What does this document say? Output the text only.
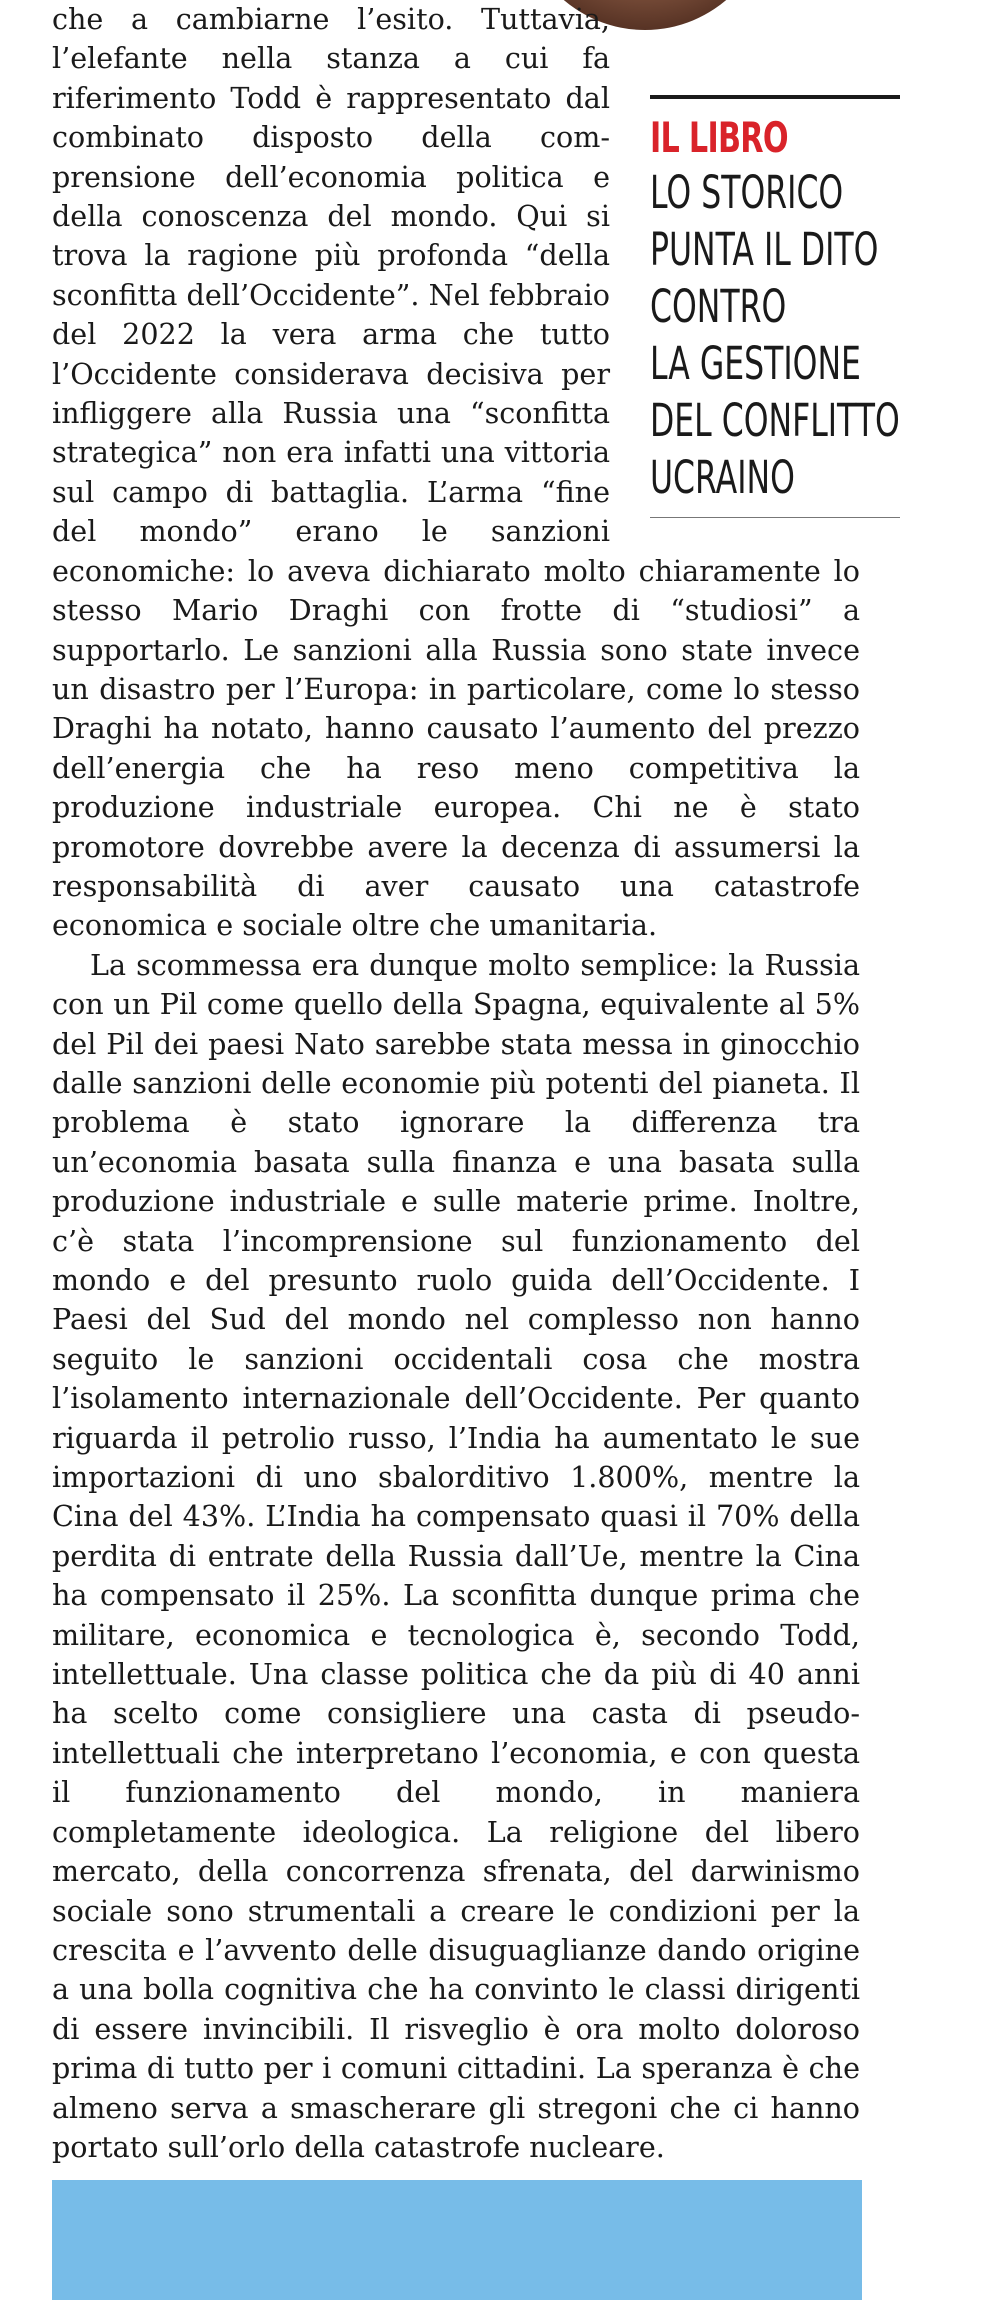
IL LIBRO
LO STORICO
PUNTA IL DITO
CONTRO
LA GESTIONE
DEL CONFLITTO
UCRAINO

che a cambiarne l’esito. Tuttavia, l’elefante nella stanza a cui fa riferimento Todd è rappresentato dal combinato disposto della comprensione dell’economia politica e della conoscenza del mondo. Qui si trova la ragione più profonda “della sconfitta dell’Occidente”. Nel febbraio del 2022 la vera arma che tutto l’Occidente considerava decisiva per infliggere alla Russia una “sconfitta strategica” non era infatti una vittoria sul campo di battaglia. L’arma “fine del mondo” erano le sanzioni economiche: lo aveva dichiarato molto chiaramente lo stesso Mario Draghi con frotte di “studiosi” a supportarlo. Le sanzioni alla Russia sono state invece un disastro per l’Europa: in particolare, come lo stesso Draghi ha notato, hanno causato l’aumento del prezzo dell’energia che ha reso meno competitiva la produzione industriale europea. Chi ne è stato promotore dovrebbe avere la decenza di assumersi la responsabilità di aver causato una catastrofe economica e sociale oltre che umanitaria.

La scommessa era dunque molto semplice: la Russia con un Pil come quello della Spagna, equivalente al 5% del Pil dei paesi Nato sarebbe stata messa in ginocchio dalle sanzioni delle economie più potenti del pianeta. Il problema è stato ignorare la differenza tra un’economia basata sulla finanza e una basata sulla produzione industriale e sulle materie prime. Inoltre, c’è stata l’incomprensione sul funzionamento del mondo e del presunto ruolo guida dell’Occidente. I Paesi del Sud del mondo nel complesso non hanno seguito le sanzioni occidentali cosa che mostra l’isolamento internazionale dell’Occidente. Per quanto riguarda il petrolio russo, l’India ha aumentato le sue importazioni di uno sbalorditivo 1.800%, mentre la Cina del 43%. L’India ha compensato quasi il 70% della perdita di entrate della Russia dall’Ue, mentre la Cina ha compensato il 25%. La sconfitta dunque prima che militare, economica e tecnologica è, secondo Todd, intellettuale. Una classe politica che da più di 40 anni ha scelto come consigliere una casta di pseudo-intellettuali che interpretano l’economia, e con questa il funzionamento del mondo, in maniera completamente ideologica. La religione del libero mercato, della concorrenza sfrenata, del darwinismo sociale sono strumentali a creare le condizioni per la crescita e l’avvento delle disuguaglianze dando origine a una bolla cognitiva che ha convinto le classi dirigenti di essere invincibili. Il risveglio è ora molto doloroso prima di tutto per i comuni cittadini. La speranza è che almeno serva a smascherare gli stregoni che ci hanno portato sull’orlo della catastrofe nucleare.
